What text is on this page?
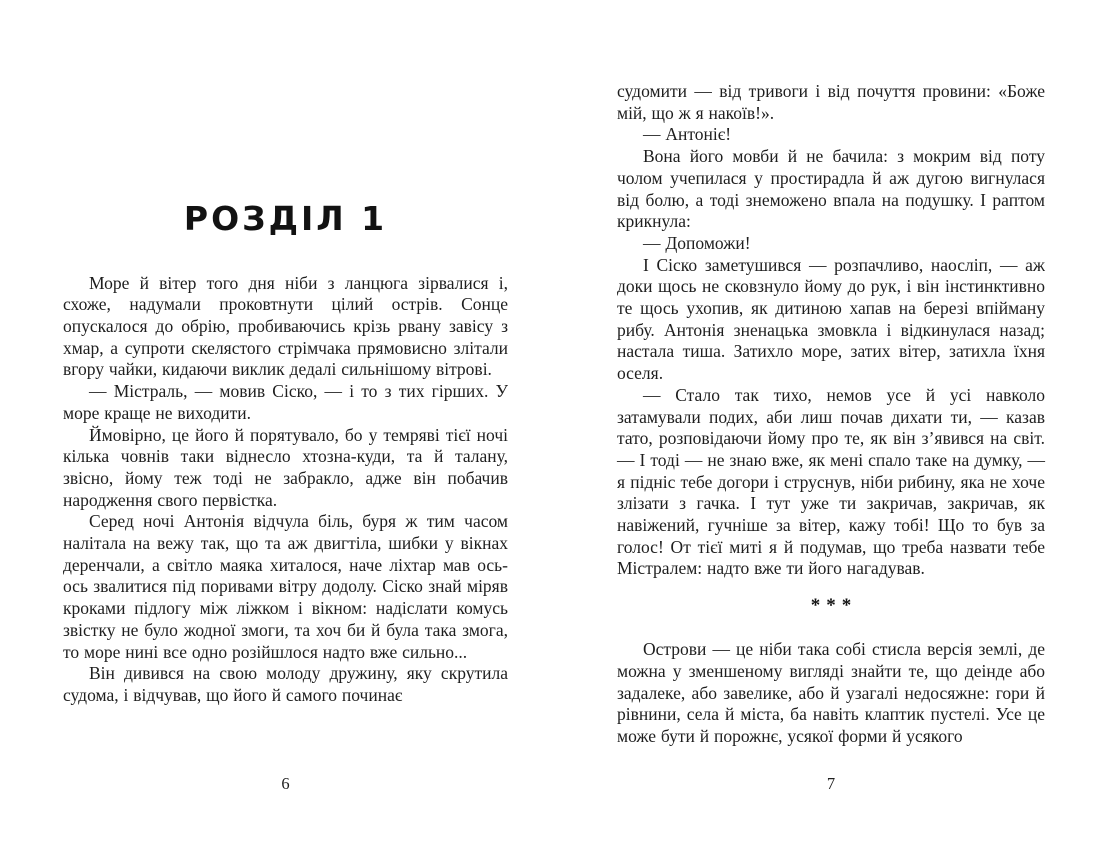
РОЗДІЛ 1

Море й вітер того дня ніби з ланцюга зірвалися і, схоже, надумали проковтнути цілий острів. Сонце опускалося до обрію, пробиваючись крізь рвану завісу з хмар, а супроти скелястого стрімчака прямовисно злітали вгору чайки, кидаючи виклик дедалі сильнішому вітрові.

— Містраль, — мовив Сіско, — і то з тих гірших. У море краще не виходити.

Ймовірно, це його й порятувало, бо у темряві тієї ночі кілька човнів таки віднесло хтозна-куди, та й талану, звісно, йому теж тоді не забракло, адже він побачив народження свого первістка.

Серед ночі Антонія відчула біль, буря ж тим часом налітала на вежу так, що та аж двигтіла, шибки у вікнах деренчали, а світло маяка хиталося, наче ліхтар мав ось-ось звалитися під поривами вітру додолу. Сіско знай міряв кроками підлогу між ліжком і вікном: надіслати комусь звістку не було жодної змоги, та хоч би й була така змога, то море нині все одно розійшлося надто вже сильно...

Він дивився на свою молоду дружину, яку скрутила судома, і відчував, що його й самого починає

6

судомити — від тривоги і від почуття провини: «Боже мій, що ж я накоїв!».

— Антоніє!

Вона його мовби й не бачила: з мокрим від поту чолом учепилася у простирадла й аж дугою вигнулася від болю, а тоді знеможено впала на подушку. І раптом крикнула:

— Допоможи!

І Сіско заметушився — розпачливо, наосліп, — аж доки щось не сковзнуло йому до рук, і він інстинктивно те щось ухопив, як дитиною хапав на березі впійману рибу. Антонія зненацька змовкла і відкинулася назад; настала тиша. Затихло море, затих вітер, затихла їхня оселя.

— Стало так тихо, немов усе й усі навколо затамували подих, аби лиш почав дихати ти, — казав тато, розповідаючи йому про те, як він з’явився на світ. — І тоді — не знаю вже, як мені спало таке на думку, — я підніс тебе догори і струснув, ніби рибину, яка не хоче злізати з гачка. І тут уже ти закричав, закричав, як навіжений, гучніше за вітер, кажу тобі! Що то був за голос! От тієї миті я й подумав, що треба назвати тебе Містралем: надто вже ти його нагадував.

***

Острови — це ніби така собі стисла версія землі, де можна у зменшеному вигляді знайти те, що деінде або задалеке, або завелике, або й узагалі недосяжне: гори й рівнини, села й міста, ба навіть клаптик пустелі. Усе це може бути й порожнє, усякої форми й усякого

7
